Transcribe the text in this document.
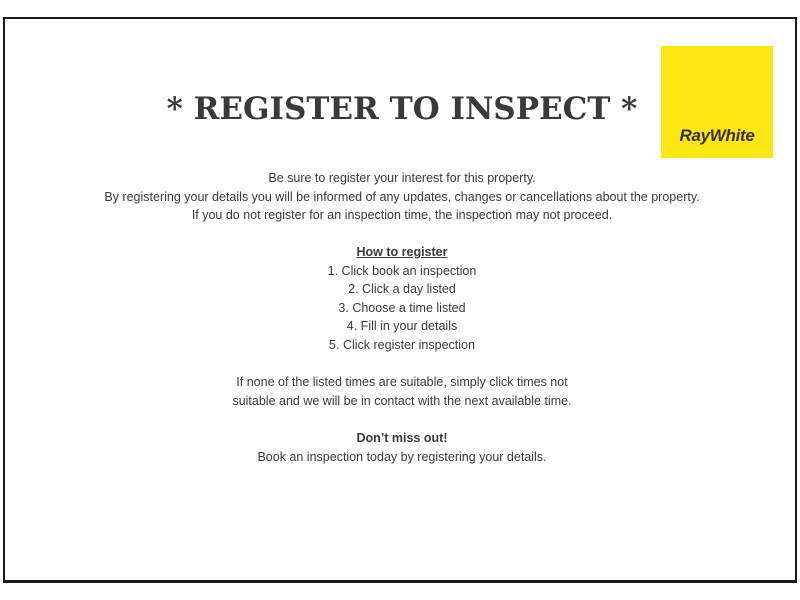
RayWhite
* REGISTER TO INSPECT *
Be sure to register your interest for this property.
By registering your details you will be informed of any updates, changes or cancellations about the property.
If you do not register for an inspection time, the inspection may not proceed.
How to register
1. Click book an inspection
2. Click a day listed
3. Choose a time listed
4. Fill in your details
5. Click register inspection
If none of the listed times are suitable, simply click times not
suitable and we will be in contact with the next available time.
Don’t miss out!
Book an inspection today by registering your details.
